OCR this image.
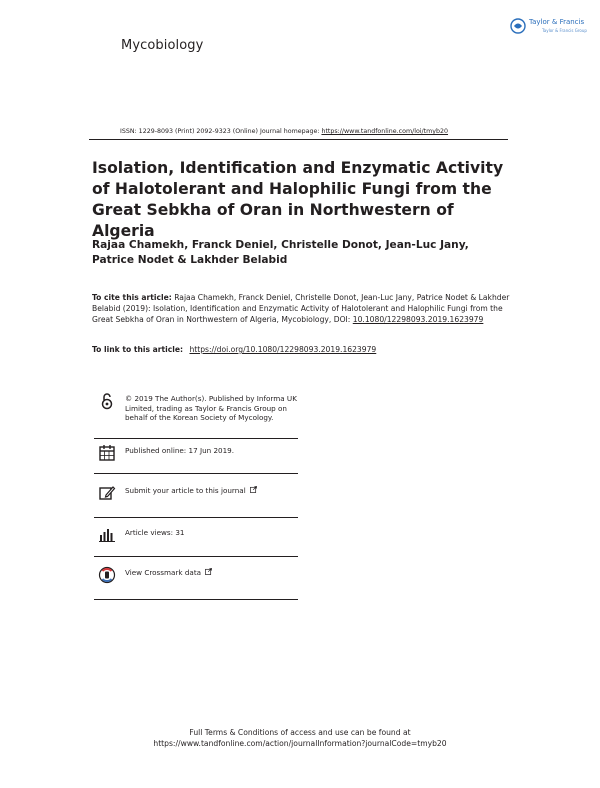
Mycobiology
Taylor & Francis
Taylor & Francis Group
ISSN: 1229-8093 (Print) 2092-9323 (Online) Journal homepage: https://www.tandfonline.com/loi/tmyb20
Isolation, Identification and Enzymatic Activity of Halotolerant and Halophilic Fungi from the Great Sebkha of Oran in Northwestern of Algeria

Rajaa Chamekh, Franck Deniel, Christelle Donot, Jean-Luc Jany, Patrice Nodet & Lakhder Belabid

To cite this article: Rajaa Chamekh, Franck Deniel, Christelle Donot, Jean-Luc Jany, Patrice Nodet & Lakhder Belabid (2019): Isolation, Identification and Enzymatic Activity of Halotolerant and Halophilic Fungi from the Great Sebkha of Oran in Northwestern of Algeria, Mycobiology, DOI: 10.1080/12298093.2019.1623979

To link to this article: https://doi.org/10.1080/12298093.2019.1623979

© 2019 The Author(s). Published by Informa UK Limited, trading as Taylor & Francis Group on behalf of the Korean Society of Mycology.
Published online: 17 Jun 2019.
Submit your article to this journal
Article views: 31
View Crossmark data
Full Terms & Conditions of access and use can be found at
https://www.tandfonline.com/action/journalInformation?journalCode=tmyb20
